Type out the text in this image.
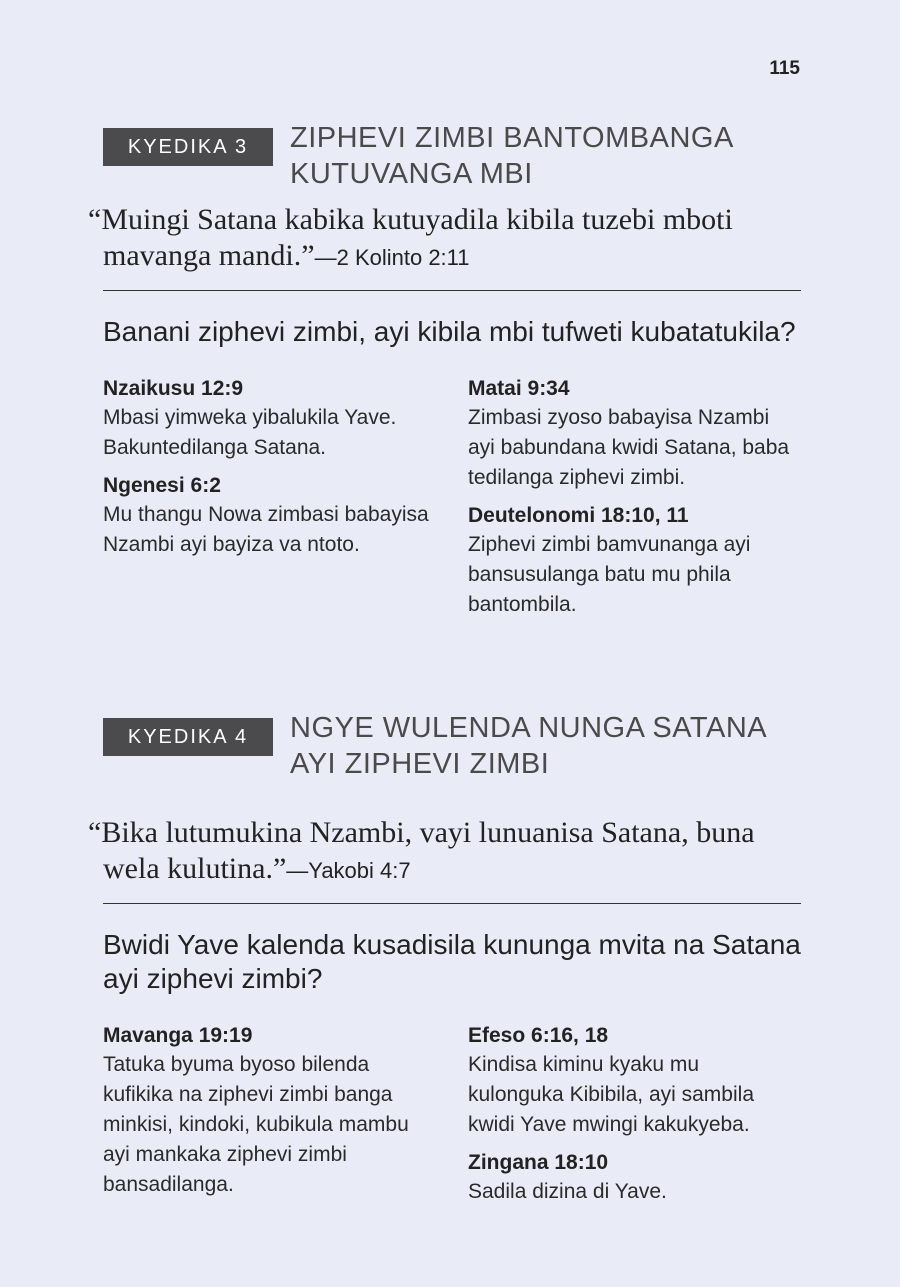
115
KYEDIKA 3	ZIPHEVI ZIMBI BANTOMBANGA
KUTUVANGA MBI
“Muingi Satana kabika kutuyadila kibila tuzebi mboti mavanga mandi.”—2 Kolinto 2:11
Banani ziphevi zimbi, ayi kibila mbi tufweti kubatatukila?
Nzaikusu 12:9
Mbasi yimweka yibalukila Yave. Bakuntedilanga Satana.
Ngenesi 6:2
Mu thangu Nowa zimbasi babayisa Nzambi ayi bayiza va ntoto.
Matai 9:34
Zimbasi zyoso babayisa Nzambi ayi babundana kwidi Satana, baba tedilanga ziphevi zimbi.
Deutelonomi 18:10, 11
Ziphevi zimbi bamvunanga ayi bansusulanga batu mu phila bantombila.
KYEDIKA 4	NGYE WULENDA NUNGA SATANA
AYI ZIPHEVI ZIMBI
“Bika lutumukina Nzambi, vayi lunuanisa Satana, buna wela kulutina.”—Yakobi 4:7
Bwidi Yave kalenda kusadisila kununga mvita na Satana ayi ziphevi zimbi?
Mavanga 19:19
Tatuka byuma byoso bilenda kufikika na ziphevi zimbi banga minkisi, kindoki, kubikula mambu ayi mankaka ziphevi zimbi bansadilanga.
Efeso 6:16, 18
Kindisa kiminu kyaku mu kulonguka Kibibila, ayi sambila kwidi Yave mwingi kakukyeba.
Zingana 18:10
Sadila dizina di Yave.
